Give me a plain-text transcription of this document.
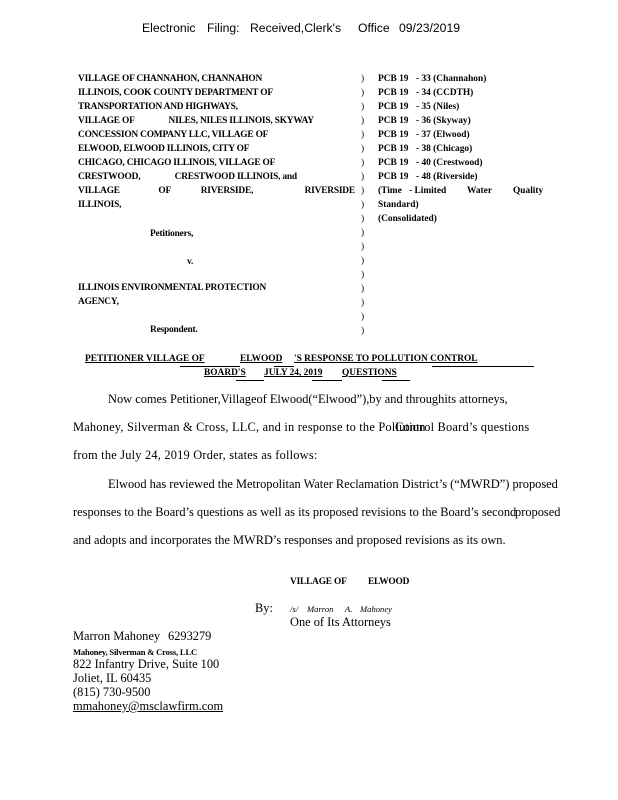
Electronic Filing: Received,Clerk's Office 09/23/2019
VILLAGE OF CHANNAHON, CHANNAHON
ILLINOIS, COOK COUNTY DEPARTMENT OF
TRANSPORTATION AND HIGHWAYS,
VILLAGE OF                NILES, NILES ILLINOIS, SKYWAY
CONCESSION COMPANY LLC, VILLAGE OF
ELWOOD, ELWOOD ILLINOIS, CITY OF
CHICAGO, CHICAGO ILLINOIS, VILLAGE OF
CRESTWOOD,                CRESTWOOD ILLINOIS, and
VILLAGE                  OF              RIVERSIDE,                        RIVERSIDE
ILLINOIS,
Petitioners,
v.
ILLINOIS ENVIRONMENTAL PROTECTION
AGENCY,
Respondent.
)
)
)
)
)
)
)
)
)
)
)
)
)
)
)
)
)
)
)
PCB 19 - 33 (Channahon)
PCB 19 - 34 (CCDTH)
PCB 19 - 35 (Niles)
PCB 19 - 36 (Skyway)
PCB 19 - 37 (Elwood)
PCB 19 - 38 (Chicago)
PCB 19 - 40 (Crestwood)
PCB 19 - 48 (Riverside)
(Time - Limited Water Quality
Standard)
(Consolidated)
PETITIONER VILLAGE OF	ELWOOD 'S RESPONSE TO POLLUTION CONTROL
BOARD'S JULY 24, 2019 QUESTIONS
Now comes Petitioner,Villageof Elwood(“Elwood”),by and throughits attorneys,
Mahoney, Silverman & Cross, LLC, and in response to the Pollution
Control Board’s questions
from the July 24, 2019 Order, states as follows:
Elwood has reviewed the Metropolitan Water Reclamation District’s (“MWRD”) proposed
responses to the Board’s questions as well as its proposed revisions to the Board’s second
proposed
and adopts and incorporates the MWRD’s responses and proposed revisions as its own.
VILLAGE OF ELWOOD
By: /s/ Marron A. Mahoney
One of Its Attorneys
Marron Mahoney 6293279
Mahoney, Silverman & Cross, LLC
822 Infantry Drive, Suite 100
Joliet, IL 60435
(815) 730-9500
mmahoney@msclawfirm.com
